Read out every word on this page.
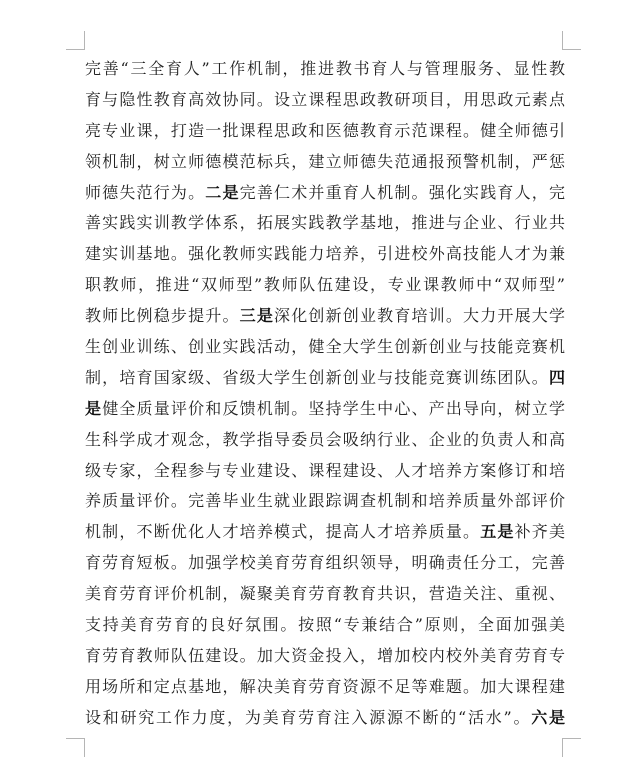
完善“三全育人”工作机制，推进教书育人与管理服务、显性教
育与隐性教育高效协同。设立课程思政教研项目，用思政元素点
亮专业课，打造一批课程思政和医德教育示范课程。健全师德引
领机制，树立师德模范标兵，建立师德失范通报预警机制，严惩
师德失范行为。二是完善仁术并重育人机制。强化实践育人，完
善实践实训教学体系，拓展实践教学基地，推进与企业、行业共
建实训基地。强化教师实践能力培养，引进校外高技能人才为兼
职教师，推进“双师型”教师队伍建设，专业课教师中“双师型”
教师比例稳步提升。三是深化创新创业教育培训。大力开展大学
生创业训练、创业实践活动，健全大学生创新创业与技能竞赛机
制，培育国家级、省级大学生创新创业与技能竞赛训练团队。四
是健全质量评价和反馈机制。坚持学生中心、产出导向，树立学
生科学成才观念，教学指导委员会吸纳行业、企业的负责人和高
级专家，全程参与专业建设、课程建设、人才培养方案修订和培
养质量评价。完善毕业生就业跟踪调查机制和培养质量外部评价
机制，不断优化人才培养模式，提高人才培养质量。五是补齐美
育劳育短板。加强学校美育劳育组织领导，明确责任分工，完善
美育劳育评价机制，凝聚美育劳育教育共识，营造关注、重视、
支持美育劳育的良好氛围。按照“专兼结合”原则，全面加强美
育劳育教师队伍建设。加大资金投入，增加校内校外美育劳育专
用场所和定点基地，解决美育劳育资源不足等难题。加大课程建
设和研究工作力度，为美育劳育注入源源不断的“活水”。六是
